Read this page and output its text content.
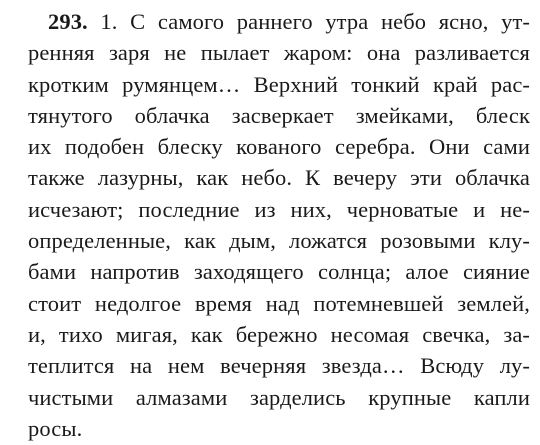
293. 1. С самого раннего утра небо ясно, ут-
ренняя заря не пылает жаром: она разливается
кротким румянцем… Верхний тонкий край рас-
тянутого облачка засверкает змейками, блеск
их подобен блеску кованого серебра. Они сами
также лазурны, как небо. К вечеру эти облачка
исчезают; последние из них, черноватые и не-
определенные, как дым, ложатся розовыми клу-
бами напротив заходящего солнца; алое сияние
стоит недолгое время над потемневшей землей,
и, тихо мигая, как бережно несомая свечка, за-
теплится на нем вечерняя звезда… Всюду лу-
чистыми алмазами зарделись крупные капли
росы.
